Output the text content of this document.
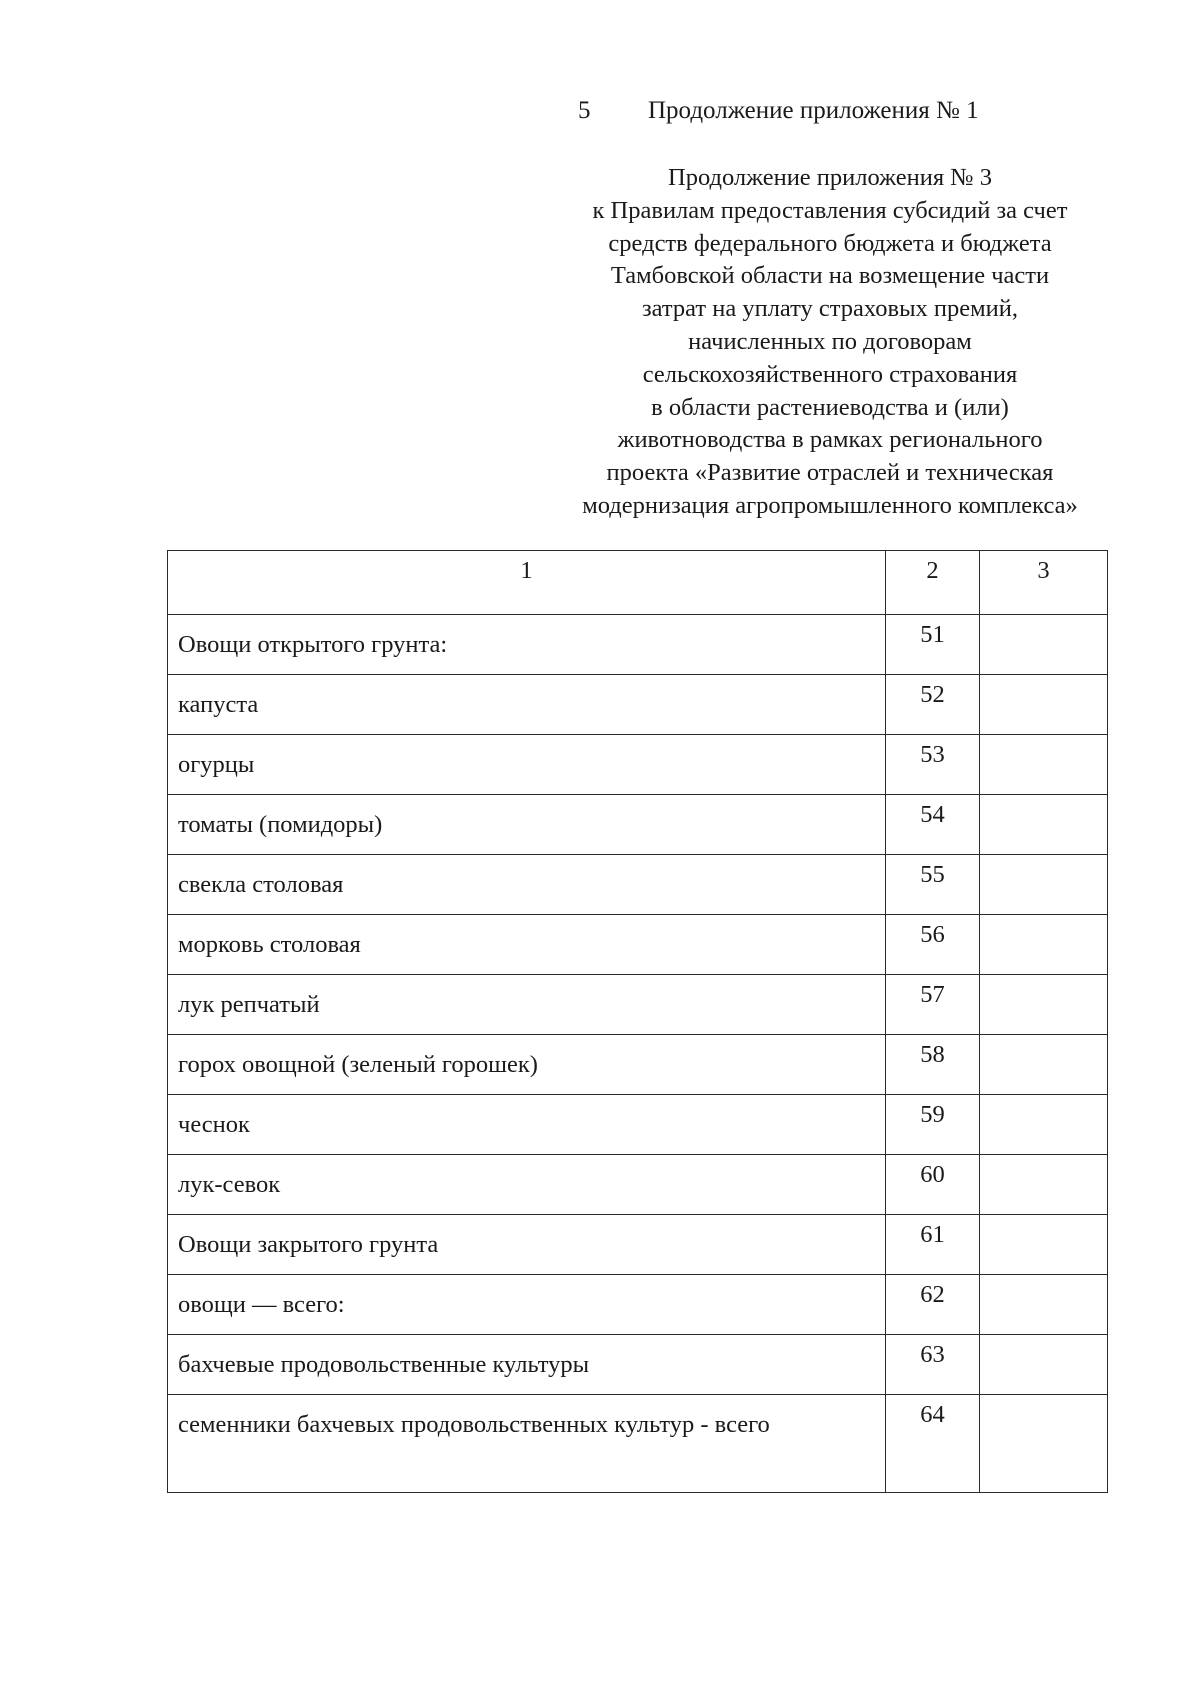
5 Продолжение приложения № 1
Продолжение приложения № 3
к Правилам предоставления субсидий за счет
средств федерального бюджета и бюджета
Тамбовской области на возмещение части
затрат на уплату страховых премий,
начисленных по договорам
сельскохозяйственного страхования
в области растениеводства и (или)
животноводства в рамках регионального
проекта «Развитие отраслей и техническая
модернизация агропромышленного комплекса»
1	2	3
Овощи открытого грунта:	51	
капуста	52	
огурцы	53	
томаты (помидоры)	54	
свекла столовая	55	
морковь столовая	56	
лук репчатый	57	
горох овощной (зеленый горошек)	58	
чеснок	59	
лук-севок	60	
Овощи закрытого грунта	61	
овощи — всего:	62	
бахчевые продовольственные культуры	63	
семенники бахчевых продовольственных культур - всего	64	
